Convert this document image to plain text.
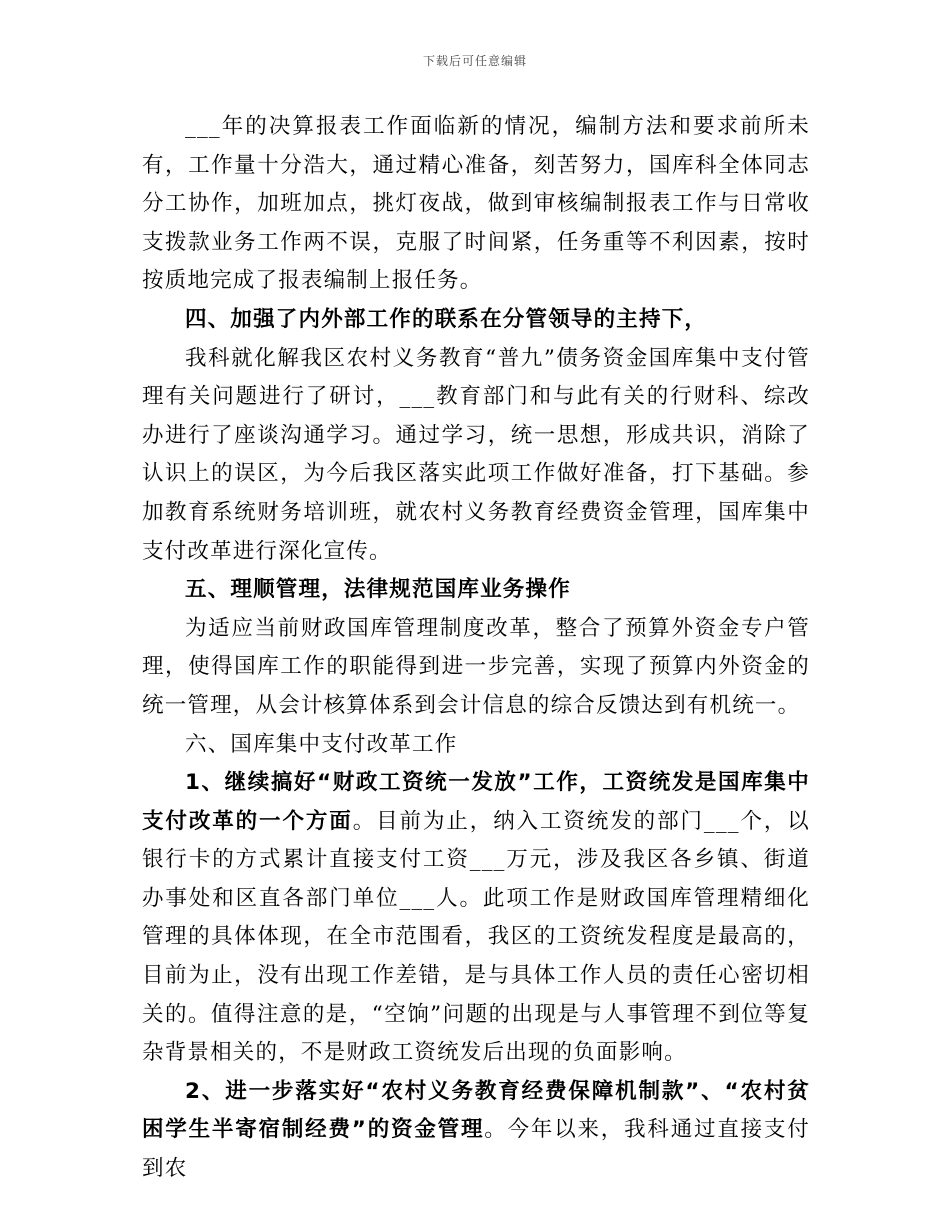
下载后可任意编辑

___年的决算报表工作面临新的情况，编制方法和要求前所未有，工作量十分浩大，通过精心准备，刻苦努力，国库科全体同志分工协作，加班加点，挑灯夜战，做到审核编制报表工作与日常收支拨款业务工作两不误，克服了时间紧，任务重等不利因素，按时按质地完成了报表编制上报任务。

四、加强了内外部工作的联系在分管领导的主持下，

我科就化解我区农村义务教育“普九”债务资金国库集中支付管理有关问题进行了研讨，___教育部门和与此有关的行财科、综改办进行了座谈沟通学习。通过学习，统一思想，形成共识，消除了认识上的误区，为今后我区落实此项工作做好准备，打下基础。参加教育系统财务培训班，就农村义务教育经费资金管理，国库集中支付改革进行深化宣传。

五、理顺管理，法律规范国库业务操作

为适应当前财政国库管理制度改革，整合了预算外资金专户管理，使得国库工作的职能得到进一步完善，实现了预算内外资金的统一管理，从会计核算体系到会计信息的综合反馈达到有机统一。

六、国库集中支付改革工作

1、继续搞好“财政工资统一发放”工作，工资统发是国库集中支付改革的一个方面。目前为止，纳入工资统发的部门___个，以银行卡的方式累计直接支付工资___万元，涉及我区各乡镇、街道办事处和区直各部门单位___人。此项工作是财政国库管理精细化管理的具体体现，在全市范围看，我区的工资统发程度是最高的，目前为止，没有出现工作差错，是与具体工作人员的责任心密切相关的。值得注意的是，“空饷”问题的出现是与人事管理不到位等复杂背景相关的，不是财政工资统发后出现的负面影响。

2、进一步落实好“农村义务教育经费保障机制款”、“农村贫困学生半寄宿制经费”的资金管理。今年以来，我科通过直接支付到农
